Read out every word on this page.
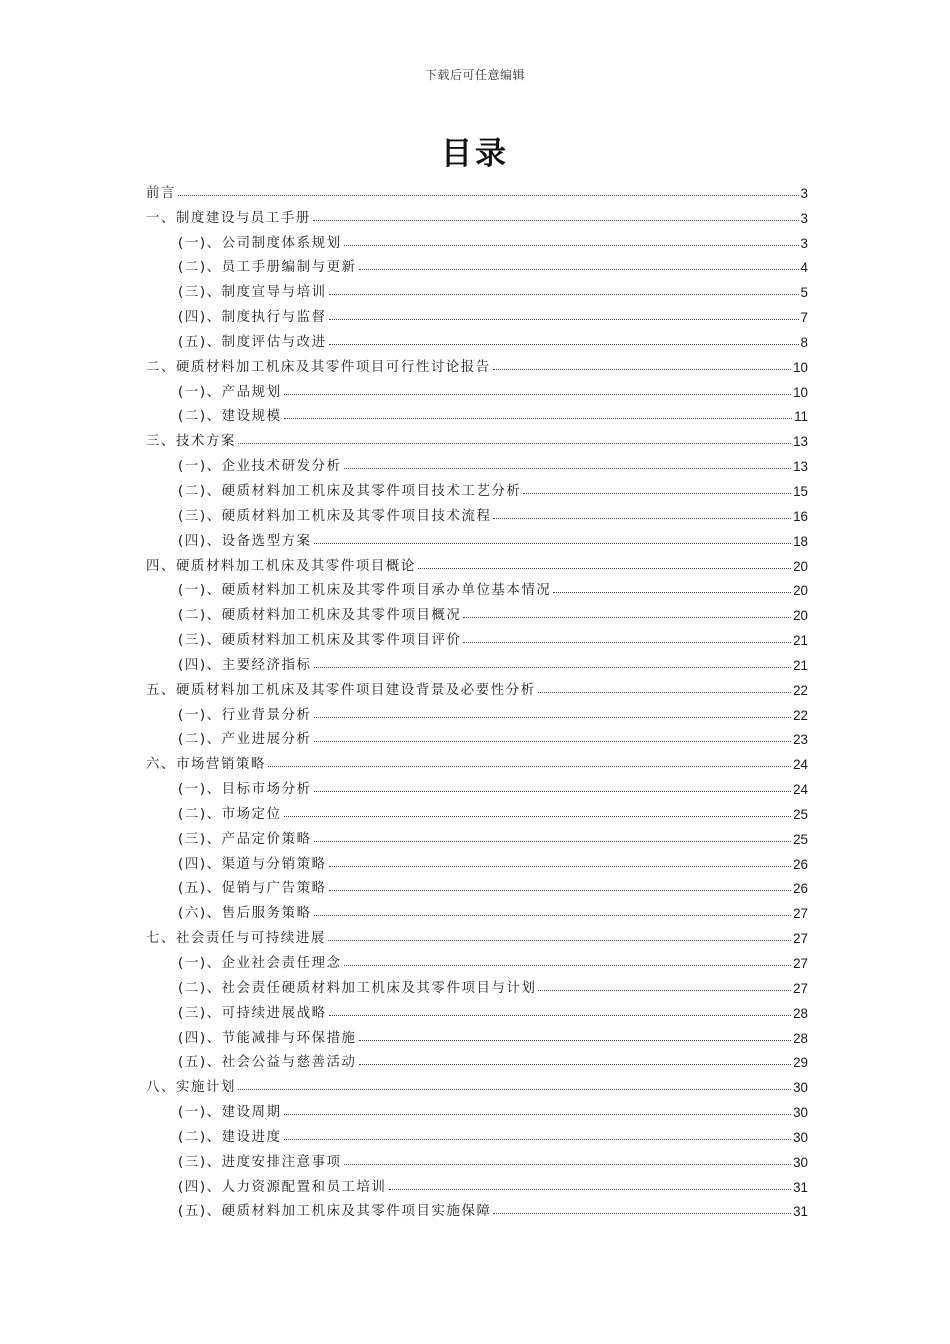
下载后可任意编辑
目录
前言	3
一、制度建设与员工手册	3
(一)、公司制度体系规划	3
(二)、员工手册编制与更新	4
(三)、制度宣导与培训	5
(四)、制度执行与监督	7
(五)、制度评估与改进	8
二、硬质材料加工机床及其零件项目可行性讨论报告	10
(一)、产品规划	10
(二)、建设规模	11
三、技术方案	13
(一)、企业技术研发分析	13
(二)、硬质材料加工机床及其零件项目技术工艺分析	15
(三)、硬质材料加工机床及其零件项目技术流程	16
(四)、设备选型方案	18
四、硬质材料加工机床及其零件项目概论	20
(一)、硬质材料加工机床及其零件项目承办单位基本情况	20
(二)、硬质材料加工机床及其零件项目概况	20
(三)、硬质材料加工机床及其零件项目评价	21
(四)、主要经济指标	21
五、硬质材料加工机床及其零件项目建设背景及必要性分析	22
(一)、行业背景分析	22
(二)、产业进展分析	23
六、市场营销策略	24
(一)、目标市场分析	24
(二)、市场定位	25
(三)、产品定价策略	25
(四)、渠道与分销策略	26
(五)、促销与广告策略	26
(六)、售后服务策略	27
七、社会责任与可持续进展	27
(一)、企业社会责任理念	27
(二)、社会责任硬质材料加工机床及其零件项目与计划	27
(三)、可持续进展战略	28
(四)、节能减排与环保措施	28
(五)、社会公益与慈善活动	29
八、实施计划	30
(一)、建设周期	30
(二)、建设进度	30
(三)、进度安排注意事项	30
(四)、人力资源配置和员工培训	31
(五)、硬质材料加工机床及其零件项目实施保障	31
